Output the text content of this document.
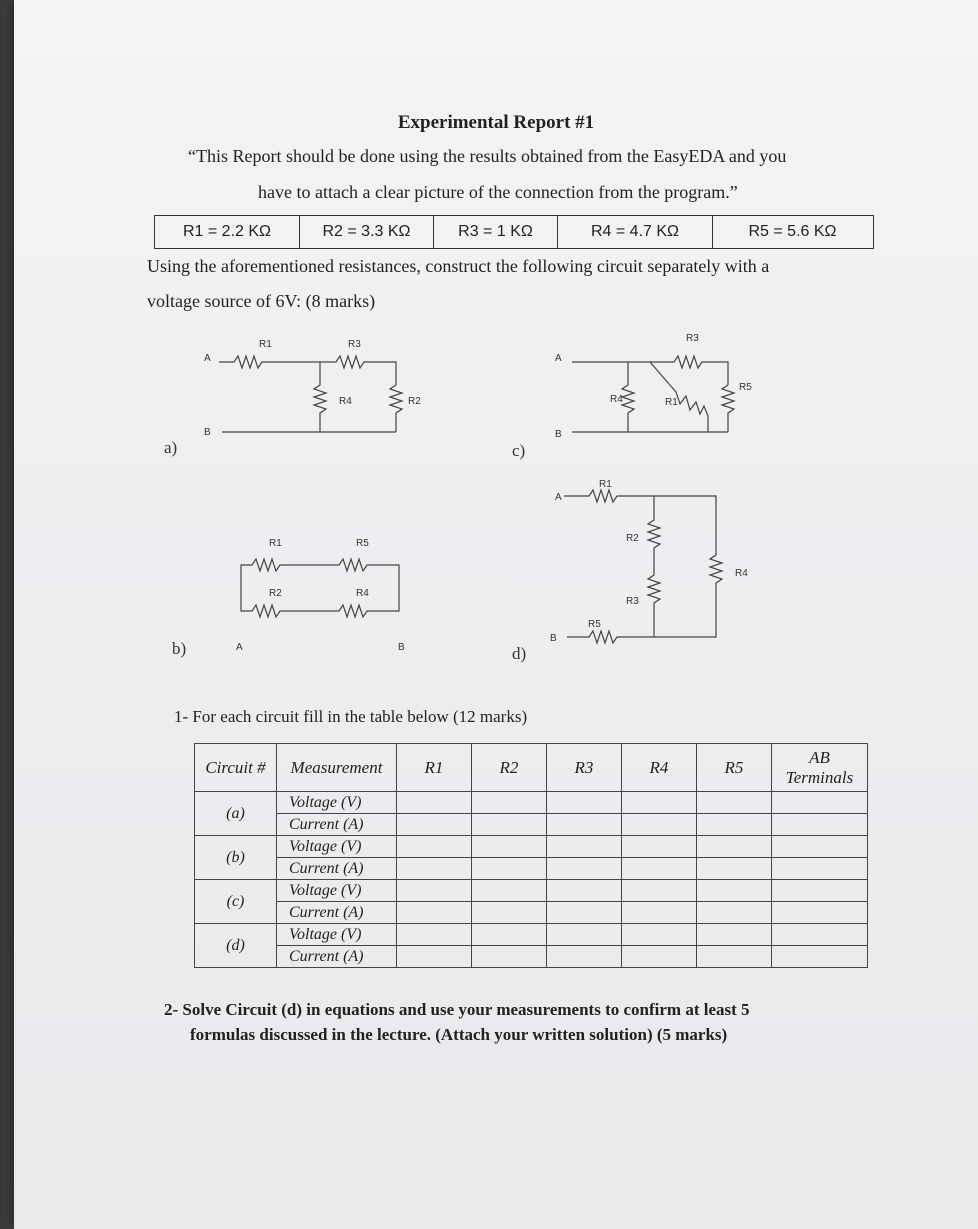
Experimental Report #1
“This Report should be done using the results obtained from the EasyEDA and you
have to attach a clear picture of the connection from the program.”
R1 = 2.2 KΩ	R2 = 3.3 KΩ	R3 = 1 KΩ	R4 = 4.7 KΩ	R5 = 5.6 KΩ
Using the aforementioned resistances, construct the following circuit separately with a
voltage source of 6V: (8 marks)
A
B
R1	R3
R4	R2
a)
R1	R5
R2	R4
A	B
b)
A
B
R3
R5
R4	R1
c)
A
R1
R2
R3
R4
R5
B
d)
1- For each circuit fill in the table below (12 marks)
Circuit #	Measurement	R1	R2	R3	R4	R5	AB
Terminals
(a)	Voltage (V)						
	Current (A)						
(b)	Voltage (V)						
	Current (A)						
(c)	Voltage (V)						
	Current (A)						
(d)	Voltage (V)						
	Current (A)						
2- Solve Circuit (d) in equations and use your measurements to confirm at least 5
formulas discussed in the lecture. (Attach your written solution) (5 marks)
